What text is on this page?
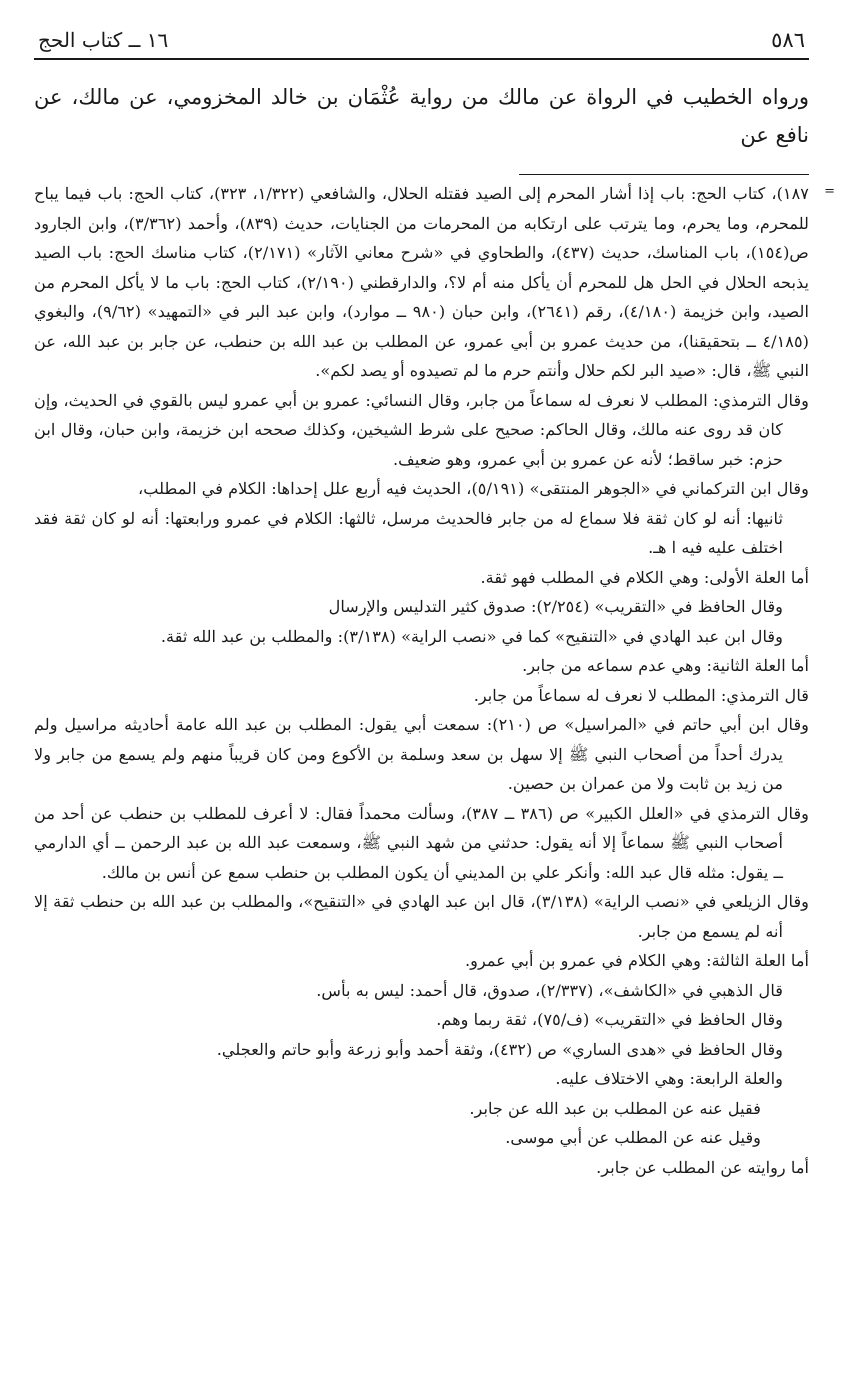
٥٨٦
١٦ ــ كتاب الحج

ورواه الخطيب في الرواة عن مالك من رواية عُثْمَان بن خالد المخزومي، عن مالك، عن نافع عن

=
١٨٧)، كتاب الحج: باب إذا أشار المحرم إلى الصيد فقتله الحلال، والشافعي (١/٣٢٢، ٣٢٣)، كتاب الحج: باب فيما يباح للمحرم، وما يحرم، وما يترتب على ارتكابه من المحرمات من الجنايات، حديث (٨٣٩)، وأحمد (٣/٣٦٢)، وابن الجارود ص(١٥٤)، باب المناسك، حديث (٤٣٧)، والطحاوي في «شرح معاني الآثار» (٢/١٧١)، كتاب مناسك الحج: باب الصيد يذبحه الحلال في الحل هل للمحرم أن يأكل منه أم لا؟، والدارقطني (٢/١٩٠)، كتاب الحج: باب ما لا يأكل المحرم من الصيد، وابن خزيمة (٤/١٨٠)، رقم (٢٦٤١)، وابن حبان (٩٨٠ ــ موارد)، وابن عبد البر في «التمهيد» (٩/٦٢)، والبغوي (٤/١٨٥ ــ بتحقيقنا)، من حديث عمرو بن أبي عمرو، عن المطلب بن عبد الله بن حنطب، عن جابر بن عبد الله، عن النبي ﷺ، قال: «صيد البر لكم حلال وأنتم حرم ما لم تصيدوه أو يصد لكم».

وقال الترمذي: المطلب لا نعرف له سماعاً من جابر، وقال النسائي: عمرو بن أبي عمرو ليس بالقوي في الحديث، وإن كان قد روى عنه مالك، وقال الحاكم: صحيح على شرط الشيخين، وكذلك صححه ابن خزيمة، وابن حبان، وقال ابن حزم: خبر ساقط؛ لأنه عن عمرو بن أبي عمرو، وهو ضعيف.

وقال ابن التركماني في «الجوهر المنتقى» (٥/١٩١)، الحديث فيه أربع علل إحداها: الكلام في المطلب،

ثانيها: أنه لو كان ثقة فلا سماع له من جابر فالحديث مرسل، ثالثها: الكلام في عمرو ورابعتها: أنه لو كان ثقة فقد اختلف عليه فيه ا هـ.

أما العلة الأولى: وهي الكلام في المطلب فهو ثقة.

وقال الحافظ في «التقريب» (٢/٢٥٤): صدوق كثير التدليس والإرسال

وقال ابن عبد الهادي في «التنقيح» كما في «نصب الراية» (٣/١٣٨): والمطلب بن عبد الله ثقة.

أما العلة الثانية: وهي عدم سماعه من جابر.

قال الترمذي: المطلب لا نعرف له سماعاً من جابر.

وقال ابن أبي حاتم في «المراسيل» ص (٢١٠): سمعت أبي يقول: المطلب بن عبد الله عامة أحاديثه مراسيل ولم يدرك أحداً من أصحاب النبي ﷺ إلا سهل بن سعد وسلمة بن الأكوع ومن كان قريباً منهم ولم يسمع من جابر ولا من زيد بن ثابت ولا من عمران بن حصين.

وقال الترمذي في «العلل الكبير» ص (٣٨٦ ــ ٣٨٧)، وسألت محمداً فقال: لا أعرف للمطلب بن حنطب عن أحد من أصحاب النبي ﷺ سماعاً إلا أنه يقول: حدثني من شهد النبي ﷺ، وسمعت عبد الله بن عبد الرحمن ــ أي الدارمي ــ يقول: مثله قال عبد الله: وأنكر علي بن المديني أن يكون المطلب بن حنطب سمع عن أنس بن مالك.

وقال الزيلعي في «نصب الراية» (٣/١٣٨)، قال ابن عبد الهادي في «التنقيح»، والمطلب بن عبد الله بن حنطب ثقة إلا أنه لم يسمع من جابر.

أما العلة الثالثة: وهي الكلام في عمرو بن أبي عمرو.

قال الذهبي في «الكاشف»، (٢/٣٣٧)، صدوق، قال أحمد: ليس به بأس.

وقال الحافظ في «التقريب» (ف/٧٥)، ثقة ربما وهم.

وقال الحافظ في «هدى الساري» ص (٤٣٢)، وثقة أحمد وأبو زرعة وأبو حاتم والعجلي.

والعلة الرابعة: وهي الاختلاف عليه.

فقيل عنه عن المطلب بن عبد الله عن جابر.

وقيل عنه عن المطلب عن أبي موسى.

أما روايته عن المطلب عن جابر.
